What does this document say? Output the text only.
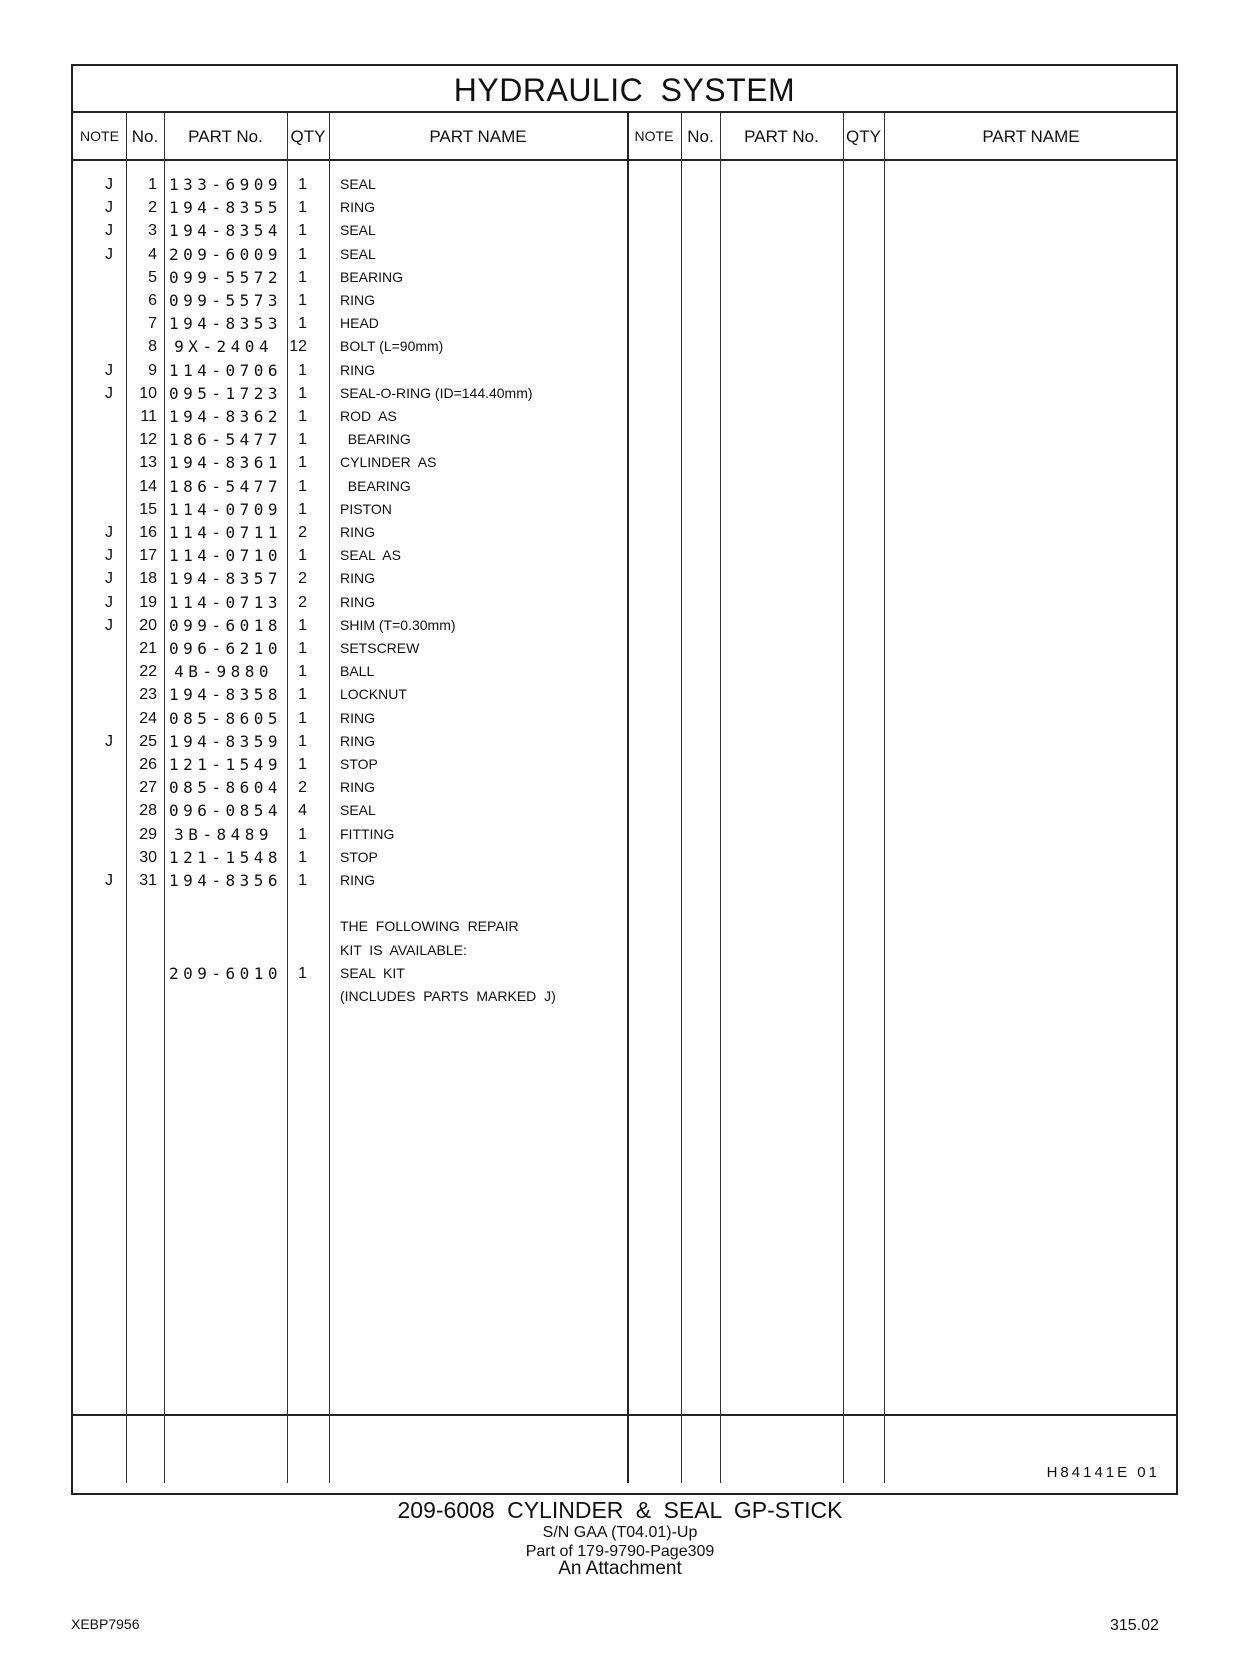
HYDRAULIC SYSTEM
NOTE No.	PART No.	QTY	PART NAME	NOTE No.	PART No.	QTY	PART NAME
J	1 133-6909	1 SEAL
J	2 194-8355	1 RING
J	3 194-8354	1 SEAL
J	4 209-6009	1 SEAL
5 099-5572	1 BEARING
6 099-5573	1 RING
7 194-8353	1 HEAD
8	9X-2404	12 BOLT (L=90mm)
J	9 114-0706	1 RING
J	10 095-1723	1 SEAL-O-RING (ID=144.40mm)
11 194-8362	1 ROD  AS
12 186-5477	1 BEARING
13 194-8361	1 CYLINDER  AS
14 186-5477	1 BEARING
15 114-0709	1 PISTON
J	16 114-0711	2 RING
J	17 114-0710	1 SEAL  AS
J	18 194-8357	2 RING
J	19 114-0713	2 RING
J	20 099-6018	1 SHIM (T=0.30mm)
21 096-6210	1 SETSCREW
22	4B-9880	1 BALL
23 194-8358	1 LOCKNUT
24 085-8605	1 RING
J	25 194-8359	1 RING
26 121-1549	1 STOP
27 085-8604	2 RING
28 096-0854	4 SEAL
29	3B-8489	1 FITTING
30 121-1548	1 STOP
J	31 194-8356	1 RING
THE  FOLLOWING  REPAIR
KIT  IS  AVAILABLE:
209-6010	1 SEAL  KIT
(INCLUDES  PARTS  MARKED  J)
H84141E 01
209-6008 CYLINDER & SEAL GP-STICK
S/N GAA (T04.01)-Up
Part of 179-9790-Page309
An Attachment
XEBP7956	315.02
